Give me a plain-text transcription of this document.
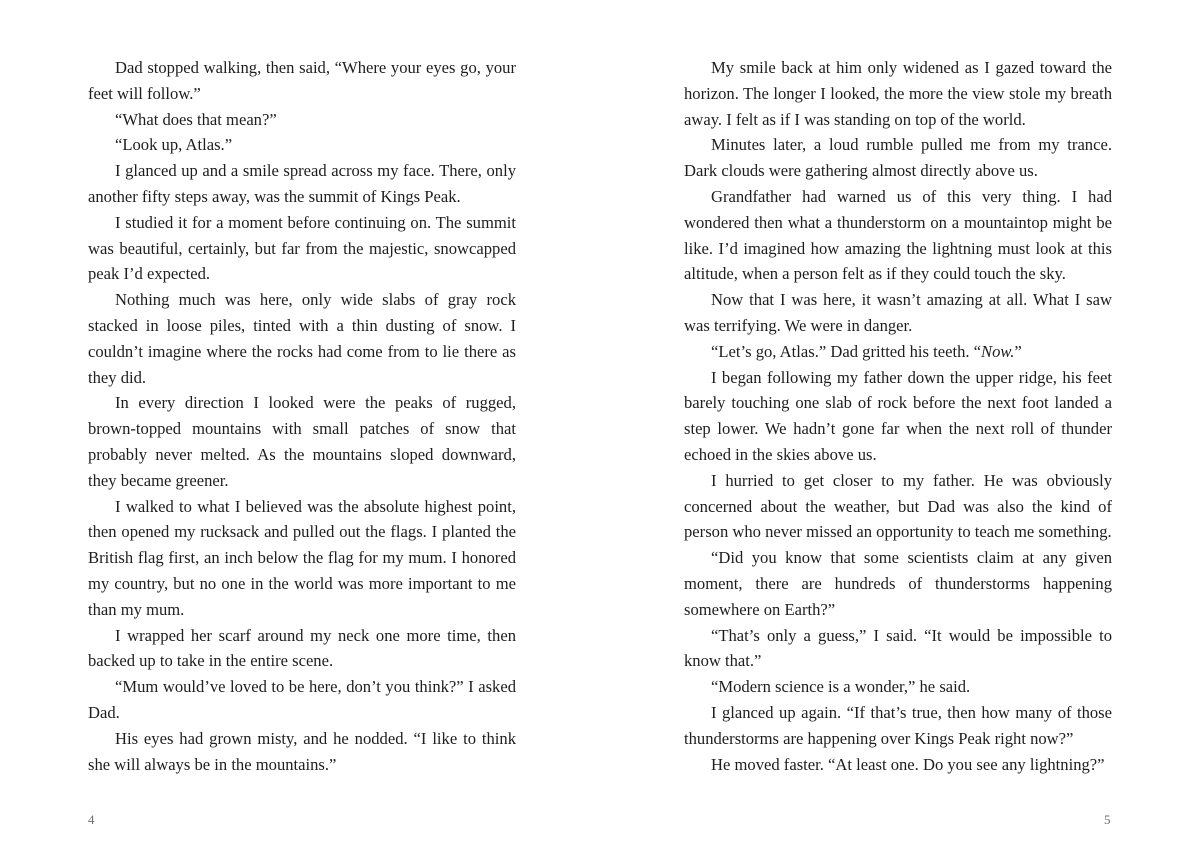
Dad stopped walking, then said, “Where your eyes go, your feet will follow.”

“What does that mean?”

“Look up, Atlas.”

I glanced up and a smile spread across my face. There, only another fifty steps away, was the summit of Kings Peak.

I studied it for a moment before continuing on. The summit was beautiful, certainly, but far from the majestic, snowcapped peak I’d expected.

Nothing much was here, only wide slabs of gray rock stacked in loose piles, tinted with a thin dusting of snow. I couldn’t imagine where the rocks had come from to lie there as they did.

In every direction I looked were the peaks of rugged, brown-topped mountains with small patches of snow that probably never melted. As the mountains sloped downward, they became greener.

I walked to what I believed was the absolute highest point, then opened my rucksack and pulled out the flags. I planted the British flag first, an inch below the flag for my mum. I honored my country, but no one in the world was more important to me than my mum.

I wrapped her scarf around my neck one more time, then backed up to take in the entire scene.

“Mum would’ve loved to be here, don’t you think?” I asked Dad.

His eyes had grown misty, and he nodded. “I like to think she will always be in the mountains.”

My smile back at him only widened as I gazed toward the horizon. The longer I looked, the more the view stole my breath away. I felt as if I was standing on top of the world.

Minutes later, a loud rumble pulled me from my trance. Dark clouds were gathering almost directly above us.

Grandfather had warned us of this very thing. I had wondered then what a thunderstorm on a mountaintop might be like. I’d imagined how amazing the lightning must look at this altitude, when a person felt as if they could touch the sky.

Now that I was here, it wasn’t amazing at all. What I saw was terrifying. We were in danger.

“Let’s go, Atlas.” Dad gritted his teeth. “Now.”

I began following my father down the upper ridge, his feet barely touching one slab of rock before the next foot landed a step lower. We hadn’t gone far when the next roll of thunder echoed in the skies above us.

I hurried to get closer to my father. He was obviously concerned about the weather, but Dad was also the kind of person who never missed an opportunity to teach me something.

“Did you know that some scientists claim at any given moment, there are hundreds of thunderstorms happening somewhere on Earth?”

“That’s only a guess,” I said. “It would be impossible to know that.”

“Modern science is a wonder,” he said.

I glanced up again. “If that’s true, then how many of those thunderstorms are happening over Kings Peak right now?”

He moved faster. “At least one. Do you see any lightning?”

4	5
